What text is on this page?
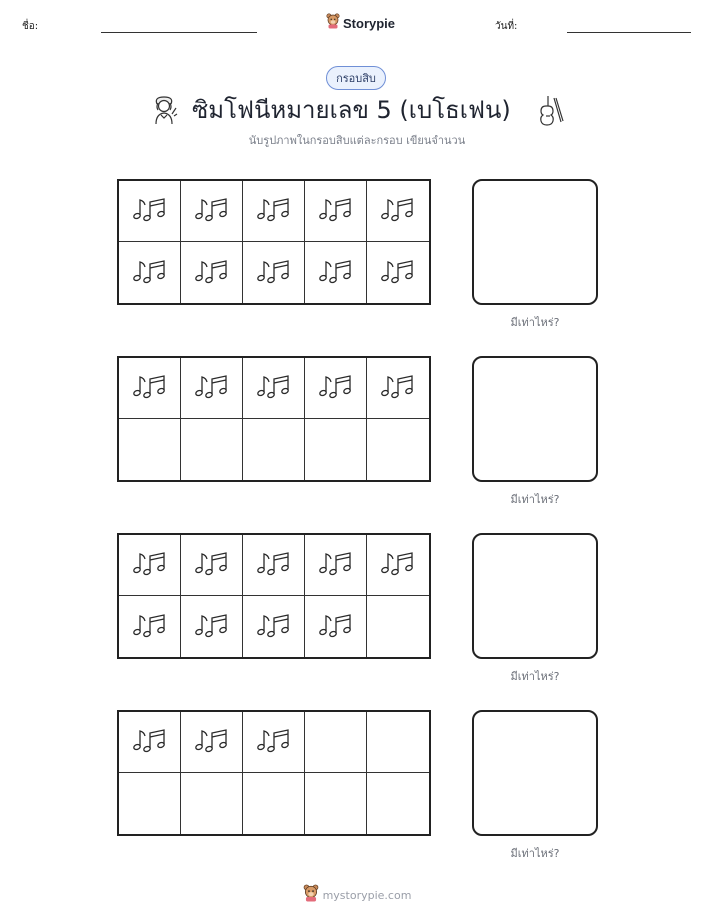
ชื่อ:	Storypie	วันที่:
กรอบสิบ
ซิมโฟนีหมายเลข 5 (เบโธเฟน)
นับรูปภาพในกรอบสิบแต่ละกรอบ เขียนจำนวน
มีเท่าไหร่?
มีเท่าไหร่?
มีเท่าไหร่?
มีเท่าไหร่?
mystorypie.com
